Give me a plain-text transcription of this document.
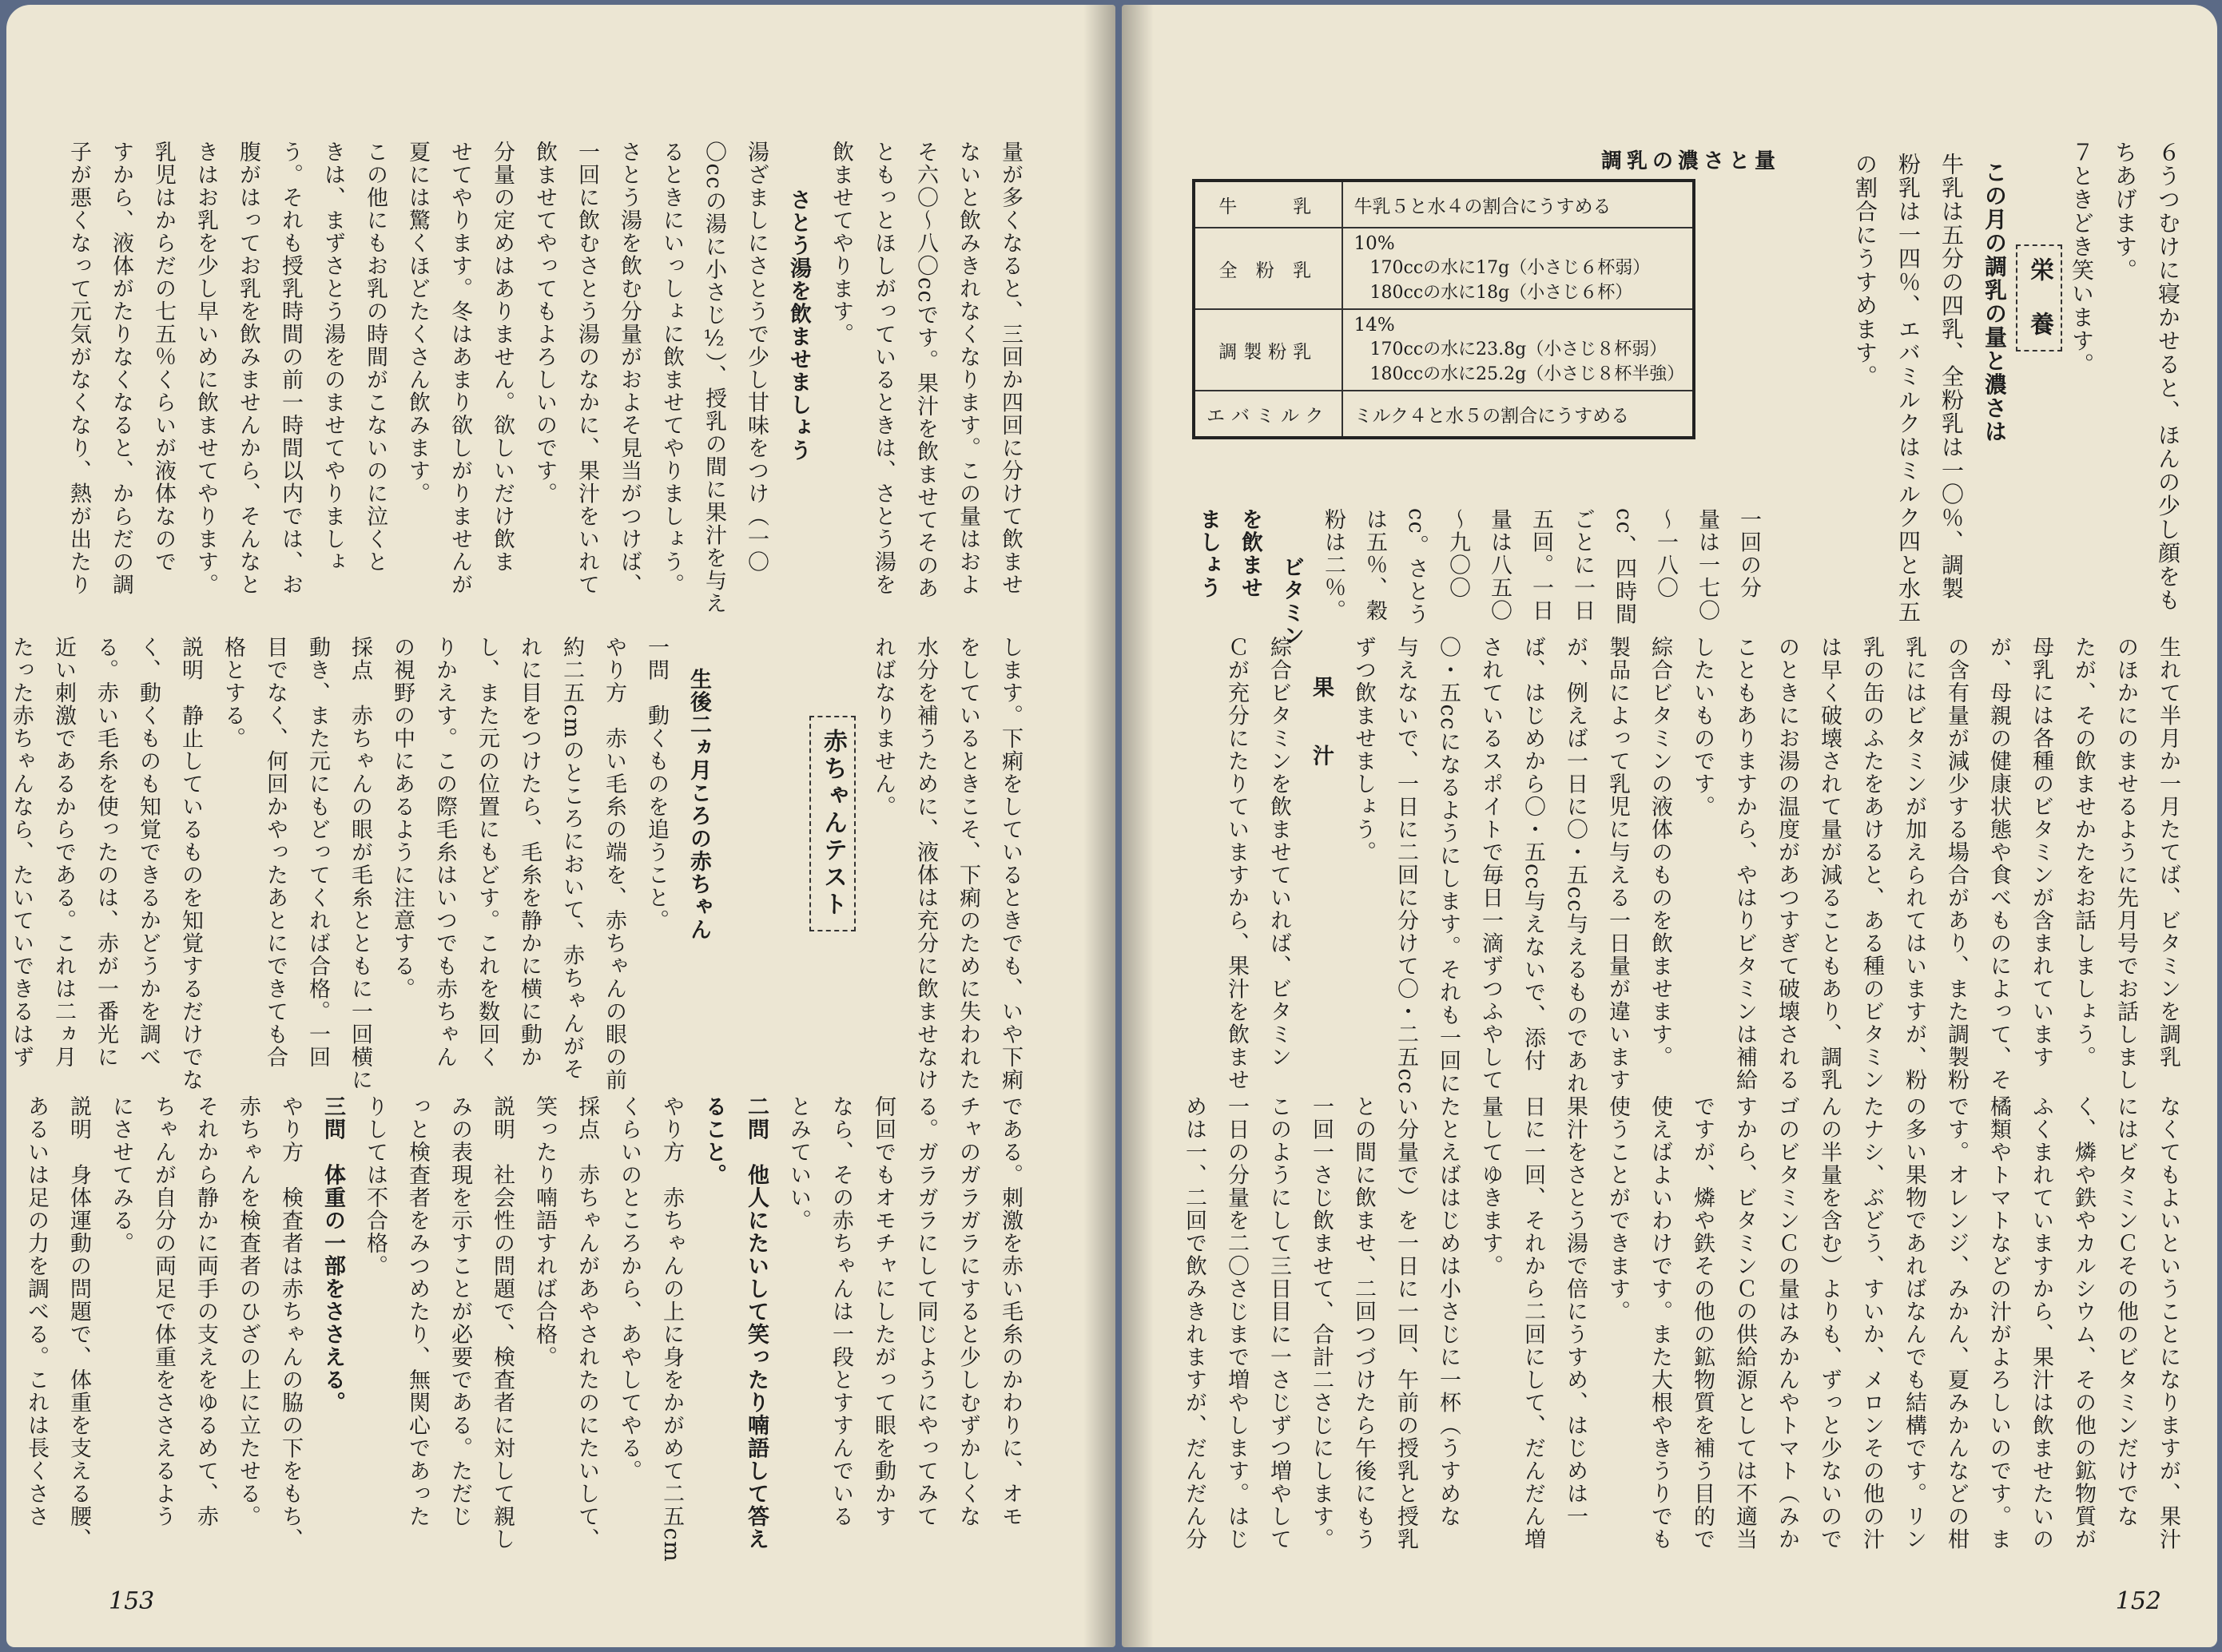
６うつむけに寝かせると、ほんの少し顔をも
ちあげます。
７ときどき笑います。
栄　養
この月の調乳の量と濃さは
牛乳は五分の四乳、全粉乳は一〇％、調製
粉乳は一四％、エバミルクはミルク四と水五
の割合にうすめます。
調乳の濃さと量
牛　　乳	牛乳５と水４の割合にうすめる
全 粉 乳	10%
170ccの水に17g（小さじ６杯弱）
180ccの水に18g（小さじ６杯）

調製粉乳	14%
170ccの水に23.8g（小さじ８杯弱）
180ccの水に25.2g（小さじ８杯半強）

エバミルク	ミルク４と水５の割合にうすめる
一回の分
量は一七〇
〜一八〇
cc、四時間
ごとに一日
五回。一日
量は八五〇
〜九〇〇
cc。さとう
は五％、穀
粉は二％。
ビタミン
を飲ませ
ましょう
生れて半月か一月たてば、ビタミンを調乳
のほかにのませるように先月号でお話しまし
たが、その飲ませかたをお話しましょう。
母乳には各種のビタミンが含まれています
が、母親の健康状態や食べものによって、そ
の含有量が減少する場合があり、また調製粉
乳にはビタミンが加えられてはいますが、粉
乳の缶のふたをあけると、ある種のビタミン
は早く破壊されて量が減ることもあり、調乳
のときにお湯の温度があつすぎて破壊される
こともありますから、やはりビタミンは補給
したいものです。
綜合ビタミンの液体のものを飲ませます。
製品によって乳児に与える一日量が違います
が、例えば一日に〇・五cc与えるものであれ
ば、はじめから〇・五cc与えないで、添付
されているスポイトで毎日一滴ずつふやして
〇・五ccになるようにします。それも一回に
与えないで、一日に二回に分けて〇・二五cc
ずつ飲ませましょう。
果　　汁
綜合ビタミンを飲ませていれば、ビタミン
Ｃが充分にたりていますから、果汁を飲ませ
なくてもよいということになりますが、果汁
にはビタミンＣその他のビタミンだけでな
く、燐や鉄やカルシウム、その他の鉱物質が
ふくまれていますから、果汁は飲ませたいの
橘類やトマトなどの汁がよろしいのです。ま
です。オレンジ、みかん、夏みかんなどの柑
の多い果物であればなんでも結構です。リン
たナシ、ぶどう、すいか、メロンその他の汁
んの半量を含む）よりも、ずっと少ないので
ゴのビタミンＣの量はみかんやトマト（みか
すから、ビタミンＣの供給源としては不適当
ですが、燐や鉄その他の鉱物質を補う目的で
使えばよいわけです。また大根やきうりでも
使うことができます。
果汁をさとう湯で倍にうすめ、はじめは一
日に一回、それから二回にして、だんだん増
量してゆきます。
たとえばはじめは小さじに一杯（うすめな
い分量で）を一日に一回、午前の授乳と授乳
との間に飲ませ、二回つづけたら午後にもう
一回一さじ飲ませて、合計二さじにします。
このようにして三日目に一さじずつ増やして
一日の分量を二〇さじまで増やします。はじ
めは一、二回で飲みきれますが、だんだん分
152
量が多くなると、三回か四回に分けて飲ませ
ないと飲みきれなくなります。この量はおよ
そ六〇〜八〇ccです。果汁を飲ませてそのあ
ともっとほしがっているときは、さとう湯を
飲ませてやります。
さとう湯を飲ませましょう
湯ざましにさとうで少し甘味をつけ（一〇
〇ccの湯に小さじ½）、授乳の間に果汁を与え
るときにいっしょに飲ませてやりましょう。
さとう湯を飲む分量がおよそ見当がつけば、
一回に飲むさとう湯のなかに、果汁をいれて
飲ませてやってもよろしいのです。
分量の定めはありません。欲しいだけ飲ま
せてやります。冬はあまり欲しがりませんが
夏には驚くほどたくさん飲みます。
この他にもお乳の時間がこないのに泣くと
きは、まずさとう湯をのませてやりましょ
う。それも授乳時間の前一時間以内では、お
腹がはってお乳を飲みませんから、そんなと
きはお乳を少し早いめに飲ませてやります。
乳児はからだの七五％くらいが液体なので
すから、液体がたりなくなると、からだの調
子が悪くなって元気がなくなり、熱が出たり
します。下痢をしているときでも、いや下痢
をしているときこそ、下痢のために失われた
水分を補うために、液体は充分に飲ませなけ
ればなりません。
赤ちゃんテスト
生後二ヵ月ころの赤ちゃん
一問　動くものを追うこと。
やり方　赤い毛糸の端を、赤ちゃんの眼の前
約二五cmのところにおいて、赤ちゃんがそ
れに目をつけたら、毛糸を静かに横に動か
し、また元の位置にもどす。これを数回く
りかえす。この際毛糸はいつでも赤ちゃん
の視野の中にあるように注意する。
採点　赤ちゃんの眼が毛糸とともに一回横に
動き、また元にもどってくれば合格。一回
目でなく、何回かやったあとにできても合
格とする。
説明　静止しているものを知覚するだけでな
く、動くものも知覚できるかどうかを調べ
る。赤い毛糸を使ったのは、赤が一番光に
近い刺激であるからである。これは二ヵ月
たった赤ちゃんなら、たいていできるはず
である。刺激を赤い毛糸のかわりに、オモ
チャのガラガラにすると少しむずかしくな
る。ガラガラにして同じようにやってみて
何回でもオモチャにしたがって眼を動かす
なら、その赤ちゃんは一段とすすんでいる
とみていい。
二問　他人にたいして笑ったり喃語して答え
ること。
やり方　赤ちゃんの上に身をかがめて二五cm
くらいのところから、あやしてやる。
採点　赤ちゃんがあやされたのにたいして、
笑ったり喃語すれば合格。
説明　社会性の問題で、検査者に対して親し
みの表現を示すことが必要である。ただじ
っと検査者をみつめたり、無関心であった
りしては不合格。
三問　体重の一部をささえる。
やり方　検査者は赤ちゃんの脇の下をもち、
赤ちゃんを検査者のひざの上に立たせる。
それから静かに両手の支えをゆるめて、赤
ちゃんが自分の両足で体重をささえるよう
にさせてみる。
説明　身体運動の問題で、体重を支える腰、
あるいは足の力を調べる。これは長くささ
153
